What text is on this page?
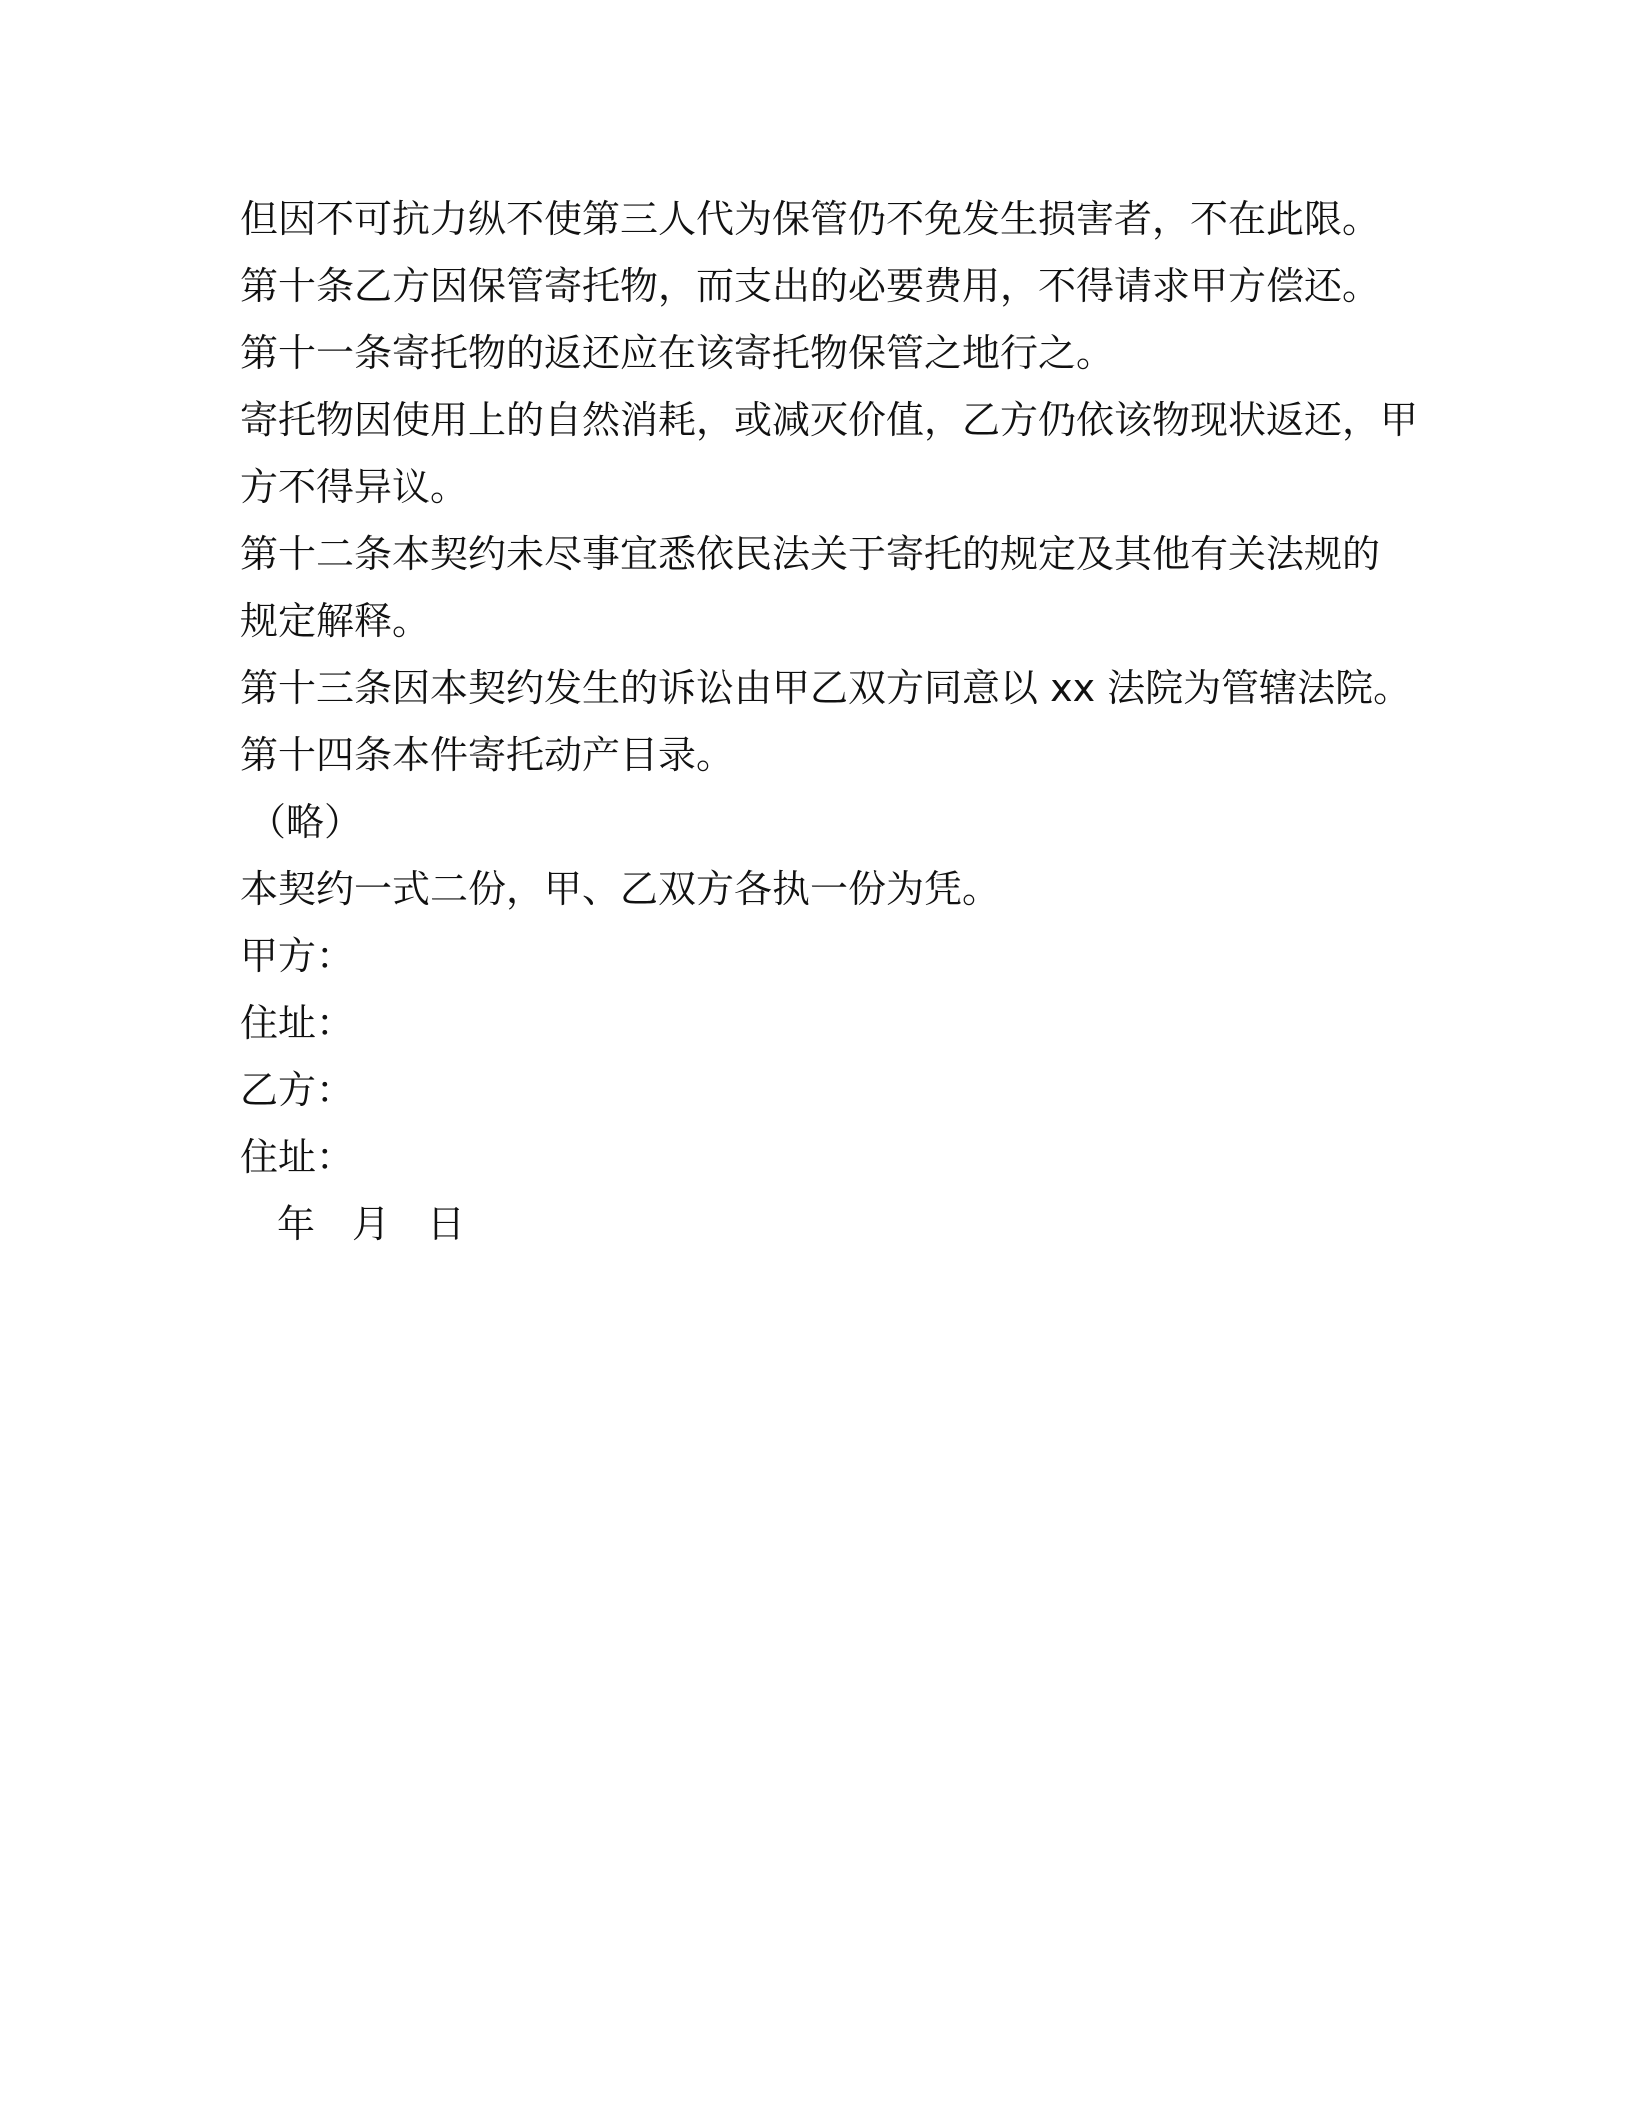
但因不可抗力纵不使第三人代为保管仍不免发生损害者，不在此限。
第十条乙方因保管寄托物，而支出的必要费用，不得请求甲方偿还。
第十一条寄托物的返还应在该寄托物保管之地行之。
寄托物因使用上的自然消耗，或减灭价值，乙方仍依该物现状返还，甲
方不得异议。
第十二条本契约未尽事宜悉依民法关于寄托的规定及其他有关法规的
规定解释。
第十三条因本契约发生的诉讼由甲乙双方同意以 xx 法院为管辖法院。
第十四条本件寄托动产目录。
（略）
本契约一式二份，甲、乙双方各执一份为凭。
甲方：
住址：
乙方：
住址：
年 月 日
